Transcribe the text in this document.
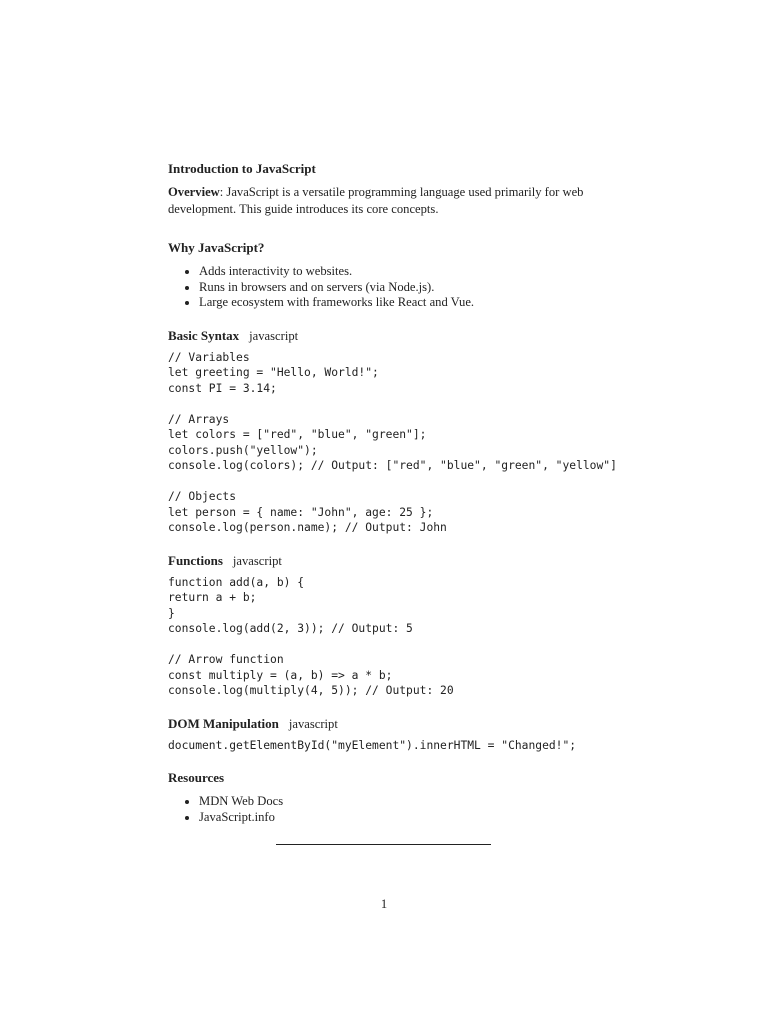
Introduction to JavaScript

Overview: JavaScript is a versatile programming language used primarily for web development. This guide introduces its core concepts.

Why JavaScript?

• Adds interactivity to websites.
• Runs in browsers and on servers (via Node.js).
• Large ecosystem with frameworks like React and Vue.

Basic Syntax javascript

// Variables
let greeting = "Hello, World!";
const PI = 3.14;

// Arrays
let colors = ["red", "blue", "green"];
colors.push("yellow");
console.log(colors); // Output: ["red", "blue", "green", "yellow"]

// Objects
let person = { name: "John", age: 25 };
console.log(person.name); // Output: John

Functions javascript

function add(a, b) {
return a + b;
}
console.log(add(2, 3)); // Output: 5

// Arrow function
const multiply = (a, b) => a * b;
console.log(multiply(4, 5)); // Output: 20

DOM Manipulation javascript

document.getElementById("myElement").innerHTML = "Changed!";

Resources

• MDN Web Docs
• JavaScript.info
1
